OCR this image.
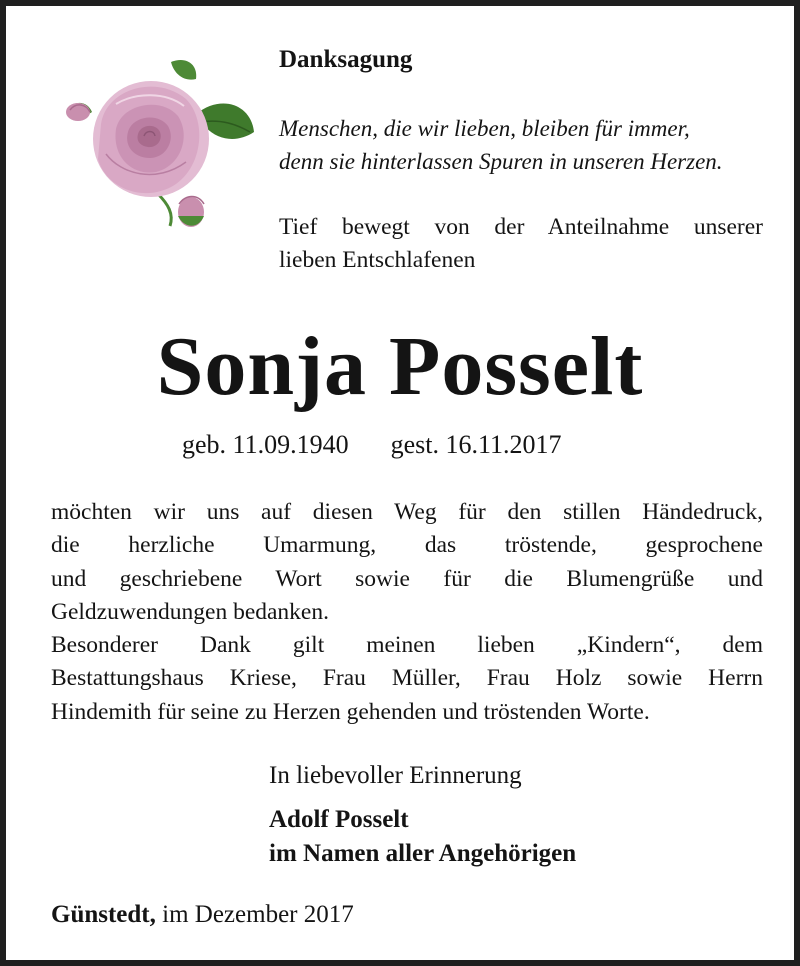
Danksagung
Menschen, die wir lieben, bleiben für immer,
denn sie hinterlassen Spuren in unseren Herzen.
Tief bewegt von der Anteilnahme unserer
lieben Entschlafenen
Sonja Posselt
geb. 11.09.1940 gest. 16.11.2017
möchten wir uns auf diesen Weg für den stillen Händedruck,
die herzliche Umarmung, das tröstende, gesprochene
und geschriebene Wort sowie für die Blumengrüße und
Geldzuwendungen bedanken.
Besonderer Dank gilt meinen lieben „Kindern“, dem
Bestattungshaus Kriese, Frau Müller, Frau Holz sowie Herrn
Hindemith für seine zu Herzen gehenden und tröstenden Worte.
In liebevoller Erinnerung
Adolf Posselt
im Namen aller Angehörigen
Günstedt, im Dezember 2017
